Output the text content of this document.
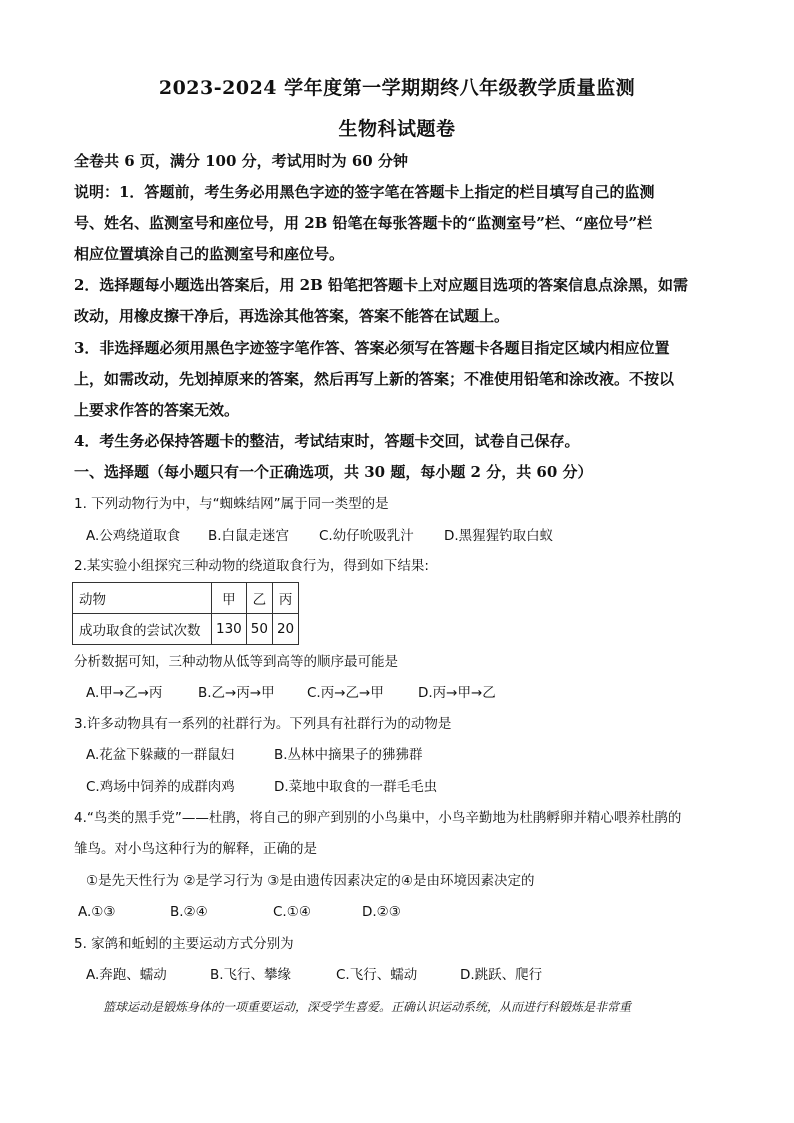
2023-2024 学年度第一学期期终八年级教学质量监测
生物科试题卷
全卷共 6 页，满分 100 分，考试用时为 60 分钟
说明：1．答题前，考生务必用黑色字迹的签字笔在答题卡上指定的栏目填写自己的监测
号、姓名、监测室号和座位号，用 2B 铅笔在每张答题卡的“监测室号”栏、“座位号”栏
相应位置填涂自己的监测室号和座位号。
2．选择题每小题选出答案后，用 2B 铅笔把答题卡上对应题目选项的答案信息点涂黑，如需
改动，用橡皮擦干净后，再选涂其他答案，答案不能答在试题上。
3．非选择题必须用黑色字迹签字笔作答、答案必须写在答题卡各题目指定区域内相应位置
上，如需改动，先划掉原来的答案，然后再写上新的答案；不准使用铅笔和涂改液。不按以
上要求作答的答案无效。
4．考生务必保持答题卡的整洁，考试结束时，答题卡交回，试卷自己保存。
一、选择题（每小题只有一个正确选项，共 30 题，每小题 2 分，共 60 分）
1. 下列动物行为中，与“蜘蛛结网”属于同一类型的是
A.公鸡绕道取食 B.白鼠走迷宫 C.幼仔吮吸乳汁 D.黑猩猩钓取白蚁
2.某实验小组探究三种动物的绕道取食行为，得到如下结果:
动物	甲	乙	丙
成功取食的尝试次数	130	50	20
分析数据可知，三种动物从低等到高等的顺序最可能是
A.甲→乙→丙	B.乙→丙→甲 C.丙→乙→甲	D.丙→甲→乙
3.许多动物具有一系列的社群行为。下列具有社群行为的动物是
A.花盆下躲藏的一群鼠妇	B.丛林中摘果子的狒狒群
C.鸡场中饲养的成群肉鸡	D.菜地中取食的一群毛毛虫
4.“鸟类的黑手党”——杜鹃，将自己的卵产到别的小鸟巢中，小鸟辛勤地为杜鹃孵卵并精心喂养杜鹃的
雏鸟。对小鸟这种行为的解释，正确的是
①是先天性行为 ②是学习行为 ③是由遗传因素决定的④是由环境因素决定的
A.①③	B.②④	C.①④	D.②③
5. 家鸽和蚯蚓的主要运动方式分别为
A.奔跑、蠕动	B.飞行、攀缘	C.飞行、蠕动	D.跳跃、爬行
篮球运动是锻炼身体的一项重要运动，深受学生喜爱。正确认识运动系统，从而进行科锻炼是非常重
